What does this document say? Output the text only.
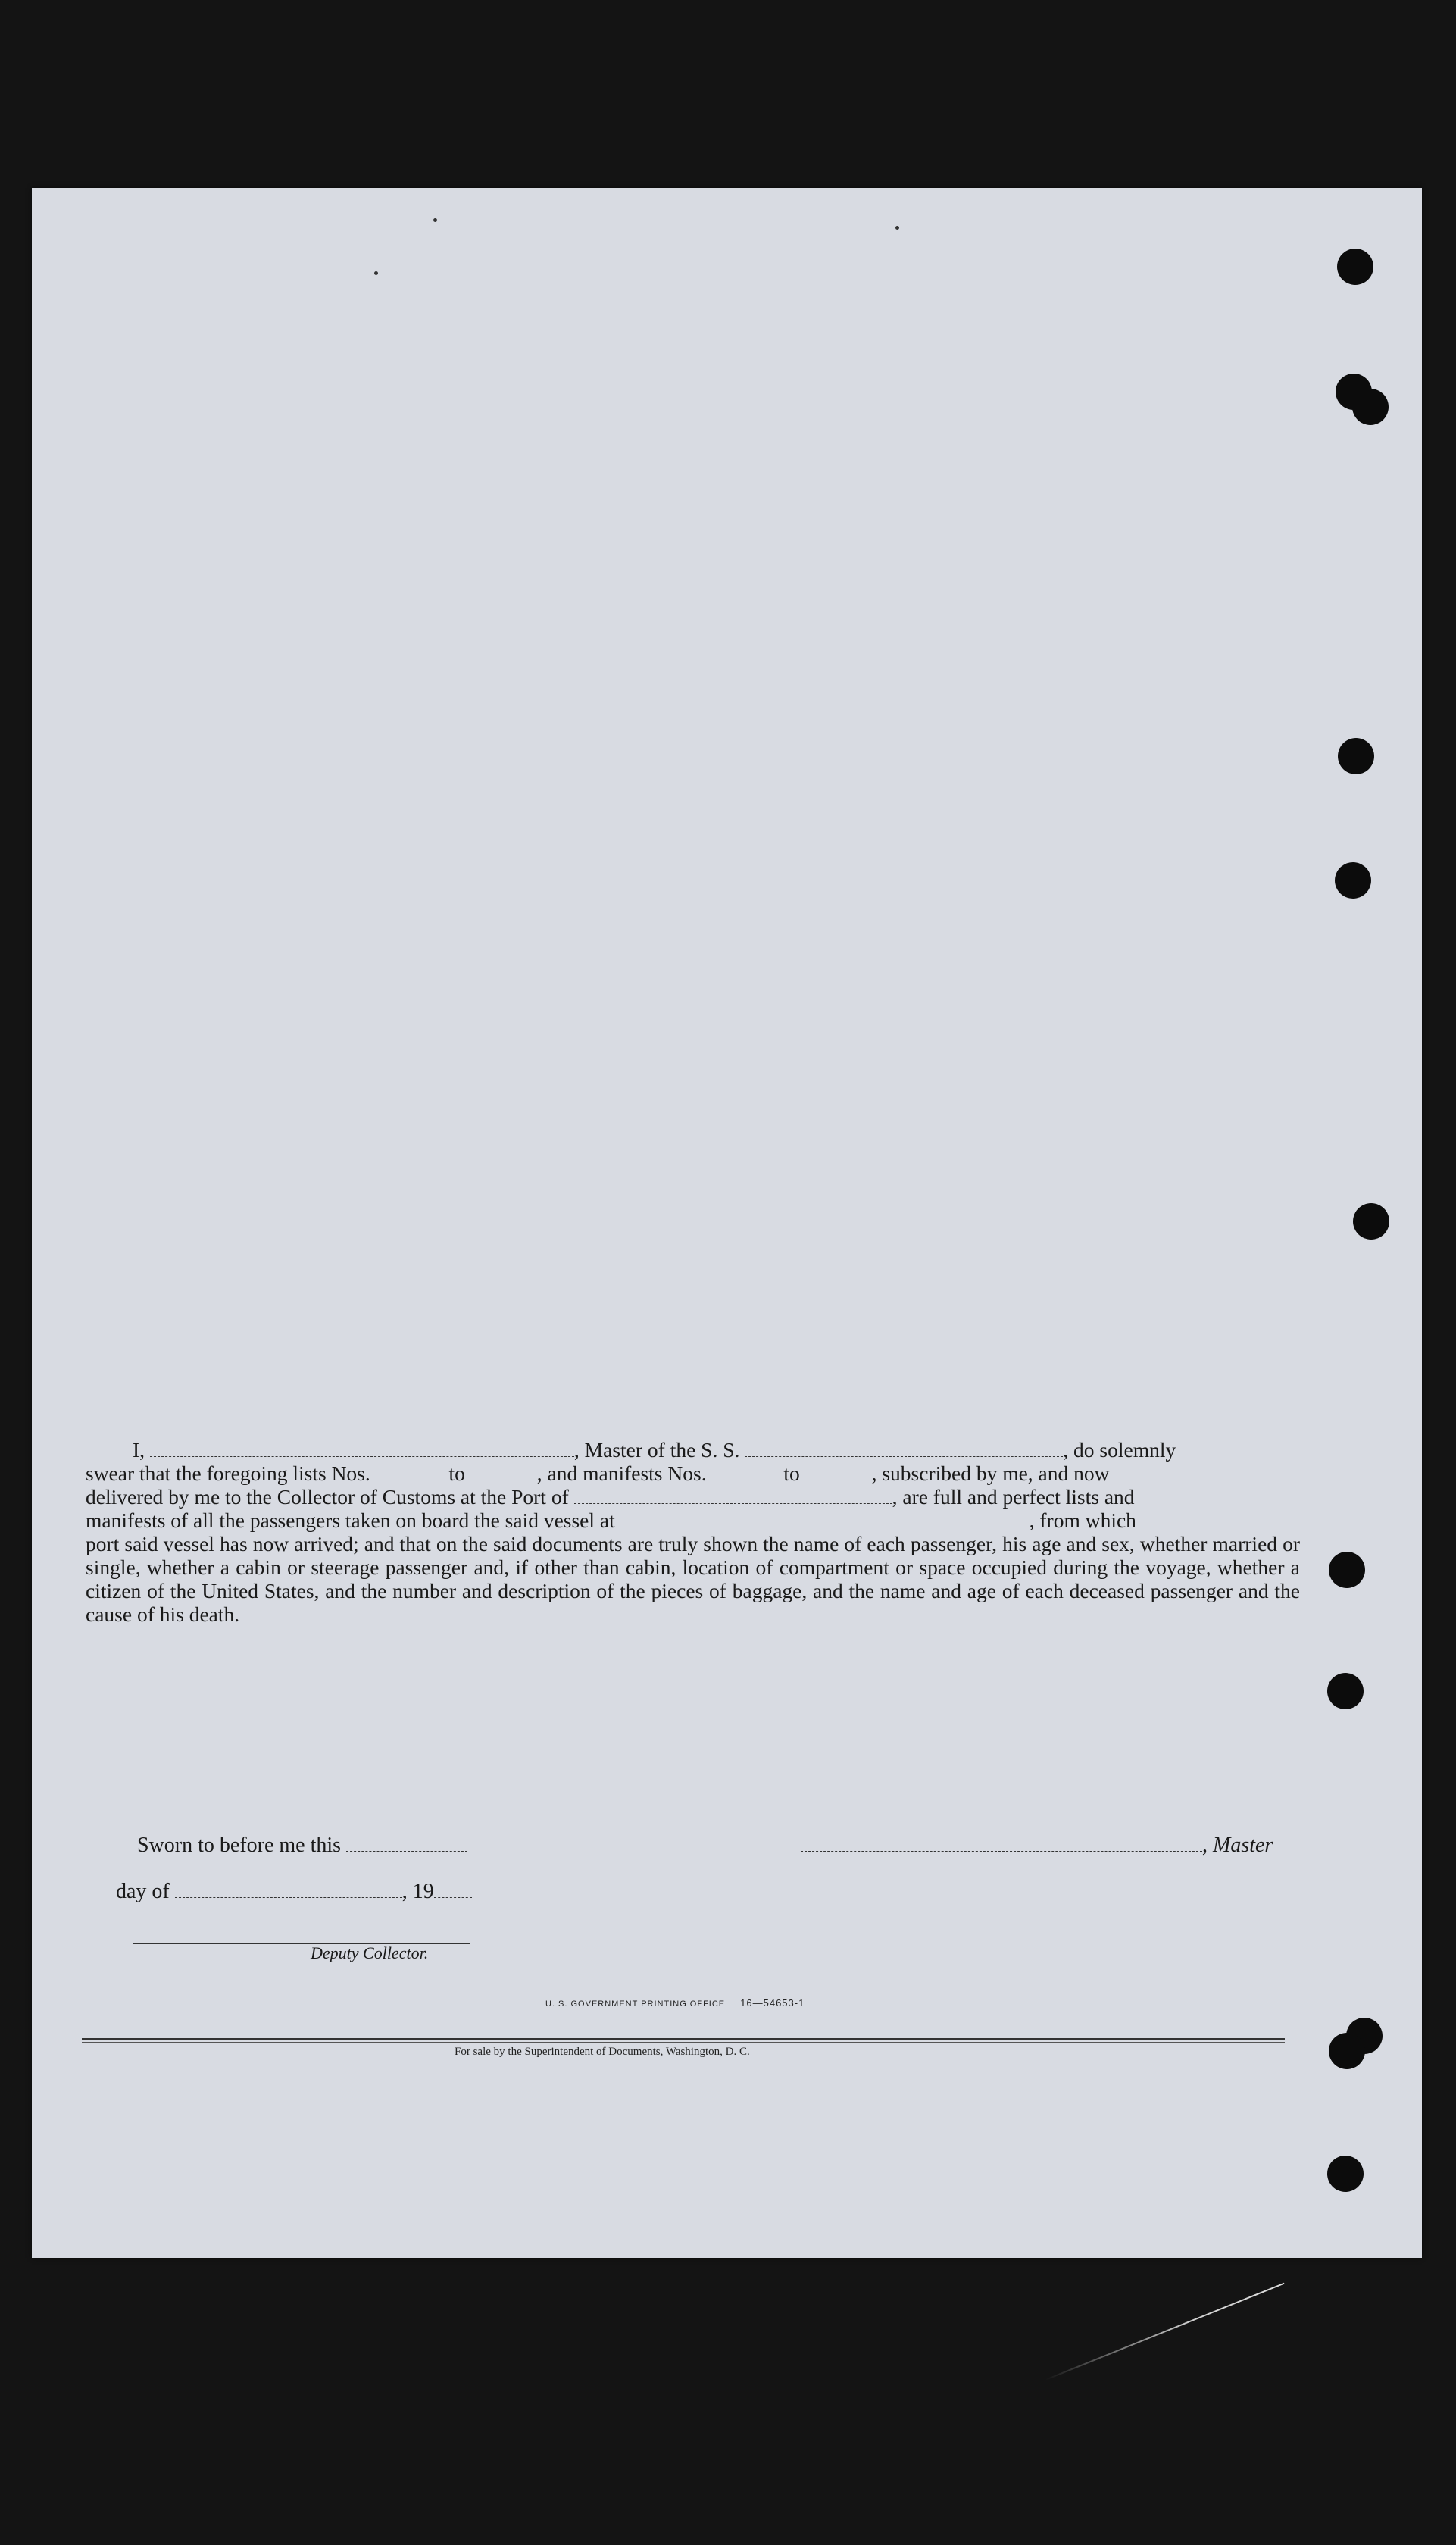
I,	, Master of the S. S.	, do solemnly

swear that the foregoing lists Nos.	to	, and manifests Nos.	to	, subscribed by me, and now
delivered by me to the Collector of Customs at the Port of	, are full and perfect lists and
manifests of all the passengers taken on board the said vessel at	, from which
port said vessel has now arrived; and that on the said documents are truly shown the name of each passenger, his age and sex, whether married or single, whether a cabin or steerage passenger and, if other than cabin, location of compartment or space occupied during the voyage, whether a citizen of the United States, and the number and description of the pieces of baggage, and the name and age of each deceased passenger and the cause of his death.
Sworn to before me this	, Master
day of	, 19
Deputy Collector.
U. S. GOVERNMENT PRINTING OFFICE 16—54653-1
For sale by the Superintendent of Documents, Washington, D. C.
